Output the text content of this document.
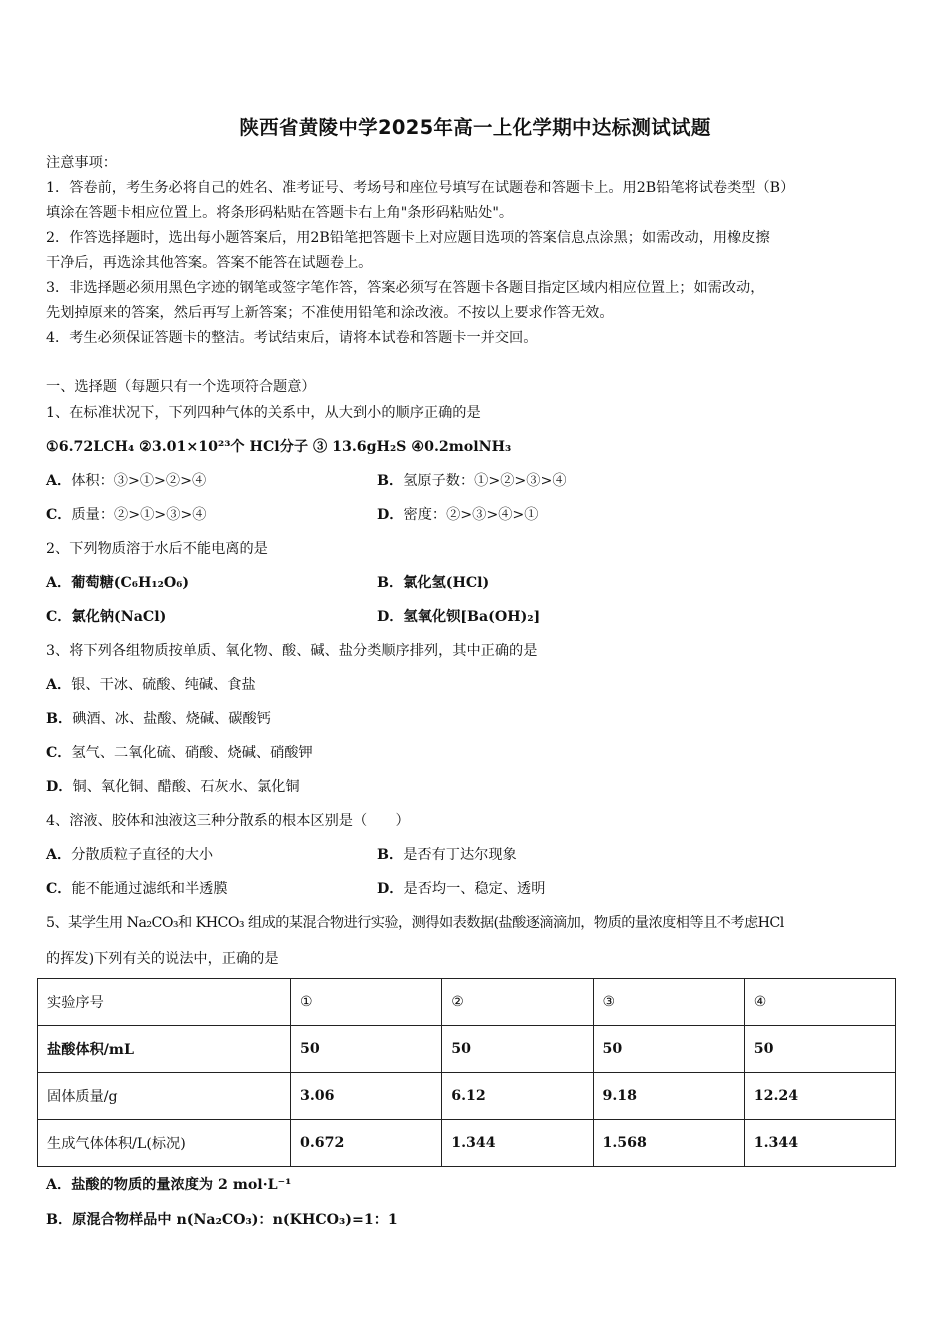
陕西省黄陵中学2025年高一上化学期中达标测试试题
注意事项：
1．答卷前，考生务必将自己的姓名、准考证号、考场号和座位号填写在试题卷和答题卡上。用2B铅笔将试卷类型（B）
填涂在答题卡相应位置上。将条形码粘贴在答题卡右上角"条形码粘贴处"。
2．作答选择题时，选出每小题答案后，用2B铅笔把答题卡上对应题目选项的答案信息点涂黑；如需改动，用橡皮擦
干净后，再选涂其他答案。答案不能答在试题卷上。
3．非选择题必须用黑色字迹的钢笔或签字笔作答，答案必须写在答题卡各题目指定区域内相应位置上；如需改动，
先划掉原来的答案，然后再写上新答案；不准使用铅笔和涂改液。不按以上要求作答无效。
4．考生必须保证答题卡的整洁。考试结束后，请将本试卷和答题卡一并交回。
一、选择题（每题只有一个选项符合题意）
1、在标准状况下，下列四种气体的关系中，从大到小的顺序正确的是
①6.72LCH₄ ②3.01×10²³个 HCl分子 ③ 13.6gH₂S ④0.2molNH₃
A．体积：③>①>②>④	B．氢原子数：①>②>③>④
C．质量：②>①>③>④	D．密度：②>③>④>①
2、下列物质溶于水后不能电离的是
A．葡萄糖(C₆H₁₂O₆)	B．氯化氢(HCl)
C．氯化钠(NaCl)	D．氢氧化钡[Ba(OH)₂]
3、将下列各组物质按单质、氧化物、酸、碱、盐分类顺序排列，其中正确的是
A．银、干冰、硫酸、纯碱、食盐
B．碘酒、冰、盐酸、烧碱、碳酸钙
C．氢气、二氧化硫、硝酸、烧碱、硝酸钾
D．铜、氧化铜、醋酸、石灰水、氯化铜
4、溶液、胶体和浊液这三种分散系的根本区别是（　　）
A．分散质粒子直径的大小	B．是否有丁达尔现象
C．能不能通过滤纸和半透膜	D．是否均一、稳定、透明
5、某学生用 Na₂CO₃和 KHCO₃ 组成的某混合物进行实验，测得如表数据(盐酸逐滴滴加，物质的量浓度相等且不考虑HCl
的挥发)下列有关的说法中，正确的是
实验序号	①	②	③	④
盐酸体积/mL	50	50	50	50
固体质量/g	3.06	6.12	9.18	12.24
生成气体体积/L(标况)	0.672	1.344	1.568	1.344
A．盐酸的物质的量浓度为 2 mol·L⁻¹
B．原混合物样品中 n(Na₂CO₃)：n(KHCO₃)=1：1
